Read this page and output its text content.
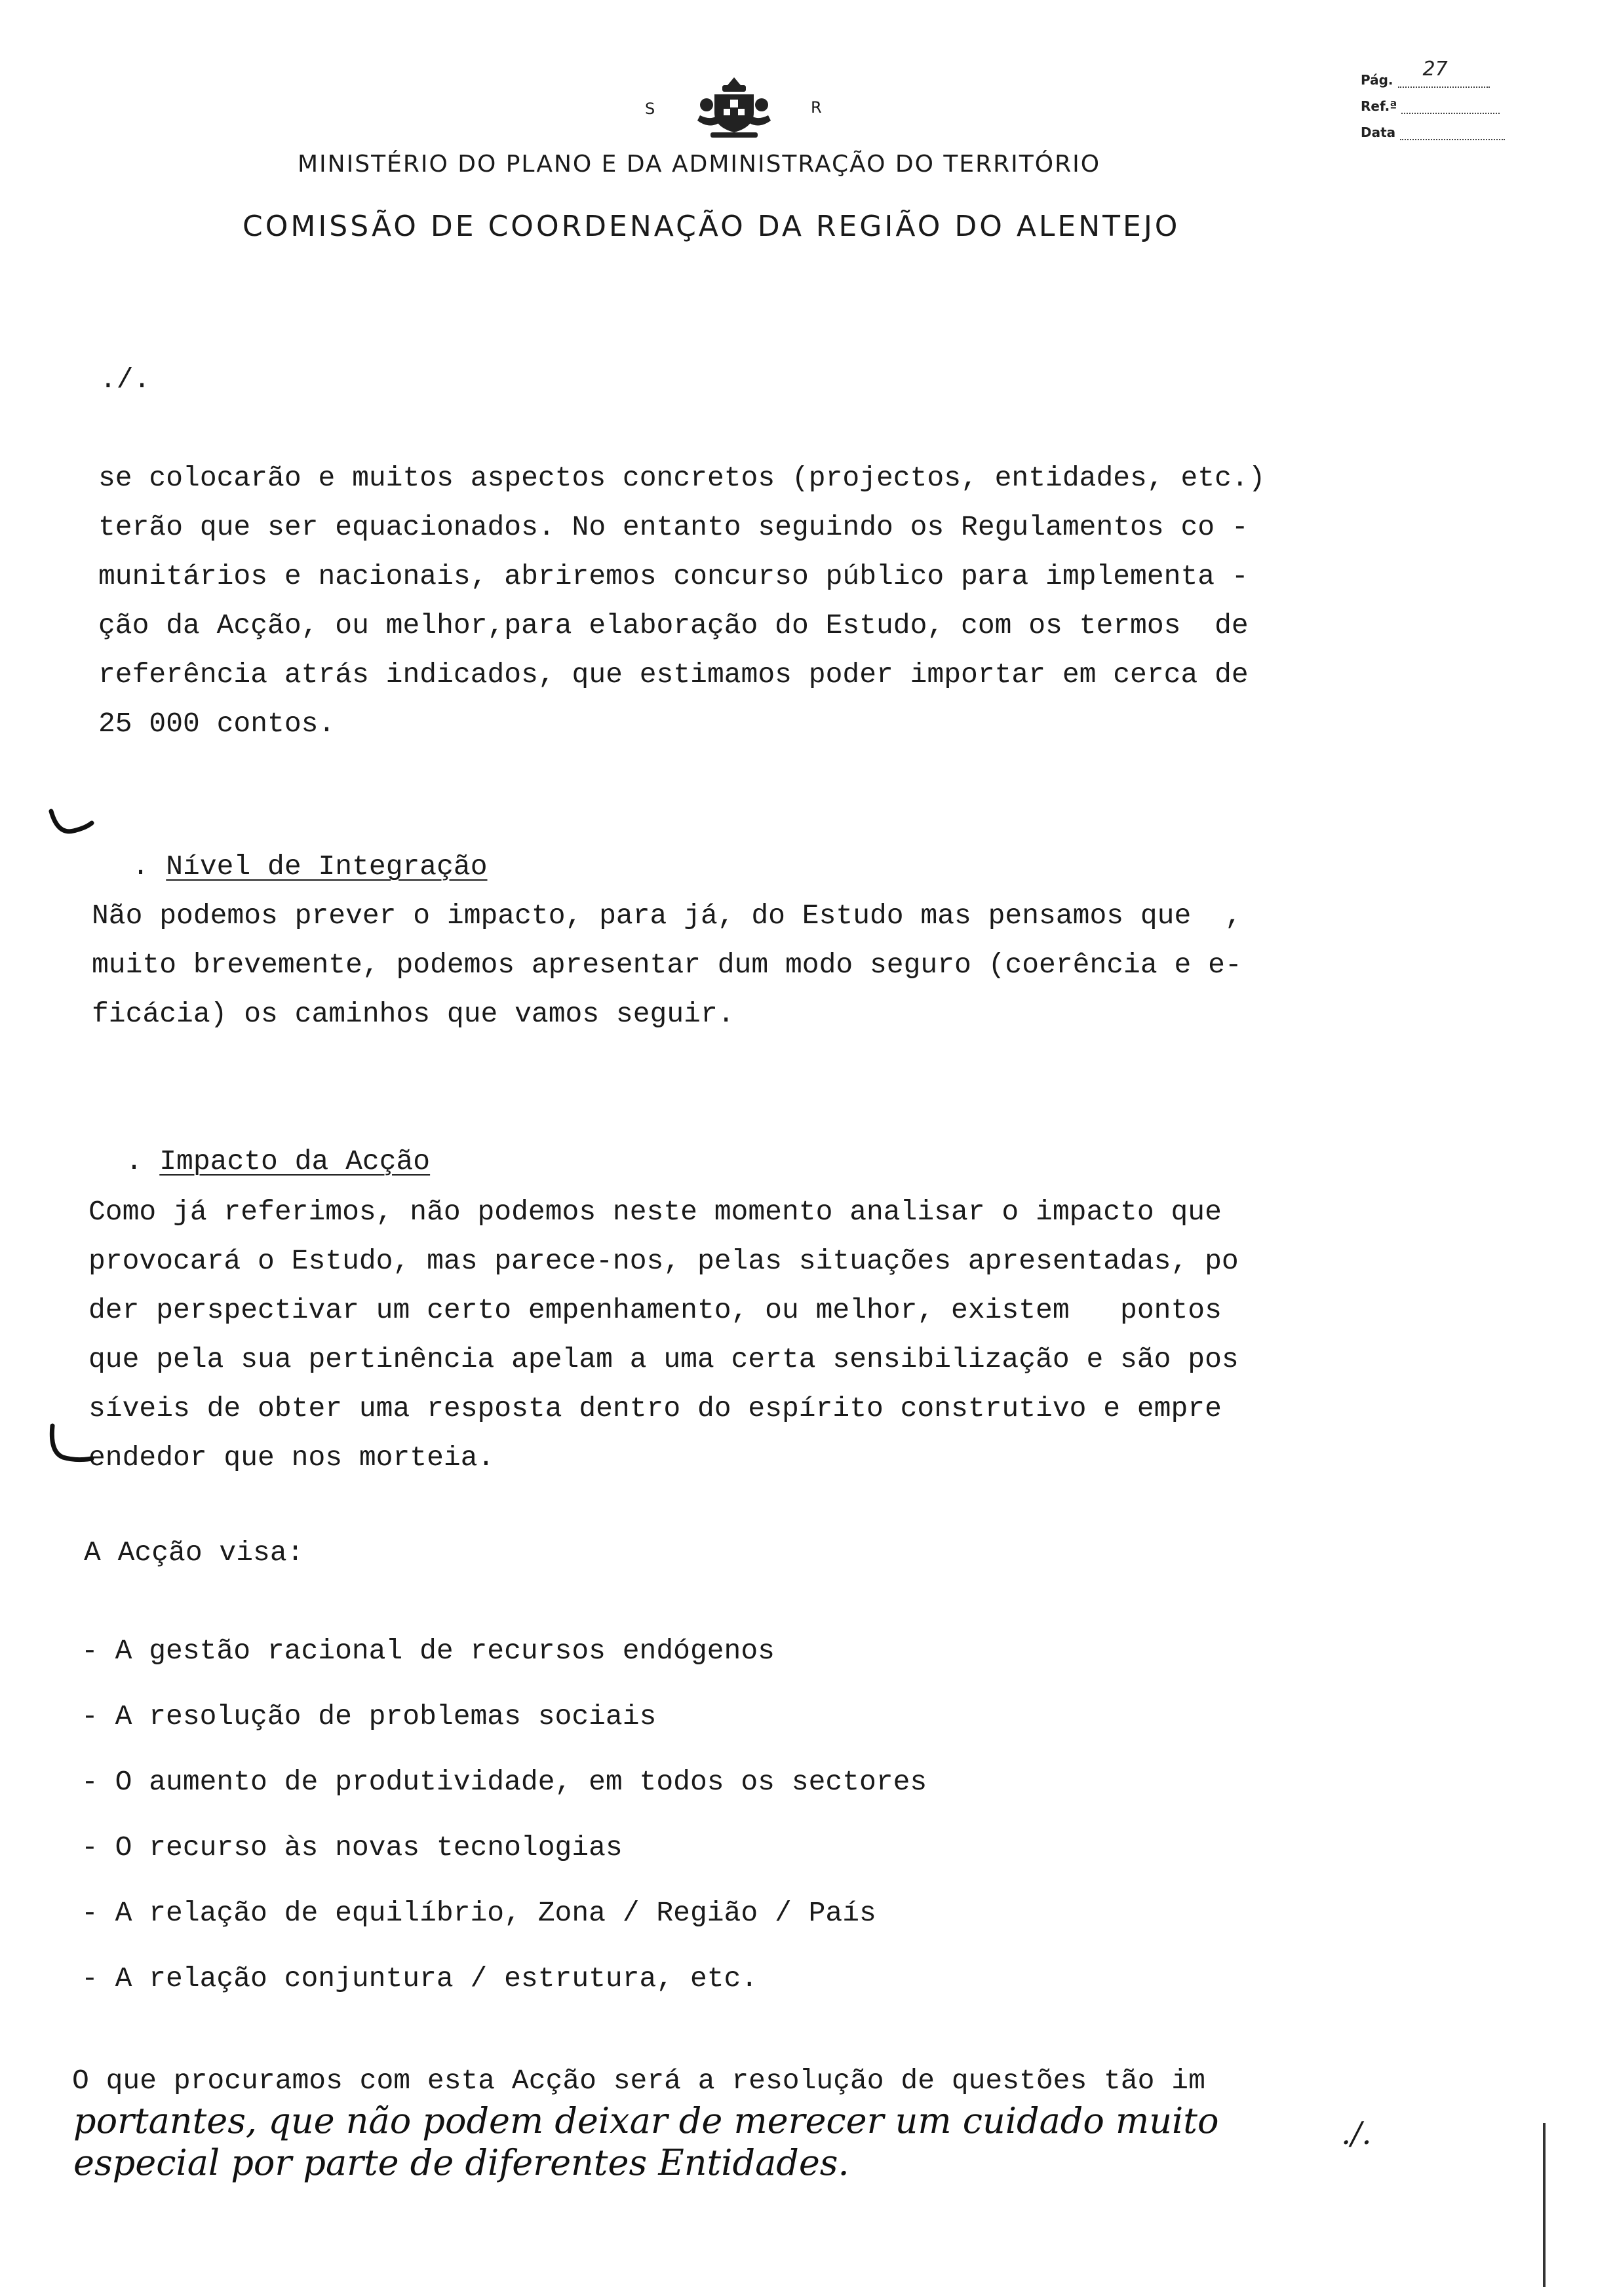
S	R
MINISTÉRIO DO PLANO E DA ADMINISTRAÇÃO DO TERRITÓRIO
COMISSÃO DE COORDENAÇÃO DA REGIÃO DO ALENTEJO
Pág. 27
Ref.ª
Data
./.
se colocarão e muitos aspectos concretos (projectos, entidades, etc.)
terão que ser equacionados. No entanto seguindo os Regulamentos co -
munitários e nacionais, abriremos concurso público para implementa -
ção da Acção, ou melhor,para elaboração do Estudo, com os termos  de
referência atrás indicados, que estimamos poder importar em cerca de
25 000 contos.

. Nível de Integração

Não podemos prever o impacto, para já, do Estudo mas pensamos que  ,
muito brevemente, podemos apresentar dum modo seguro (coerência e e-
ficácia) os caminhos que vamos seguir.

. Impacto da Acção

Como já referimos, não podemos neste momento analisar o impacto que
provocará o Estudo, mas parece-nos, pelas situações apresentadas, po
der perspectivar um certo empenhamento, ou melhor, existem   pontos
que pela sua pertinência apelam a uma certa sensibilização e são pos
síveis de obter uma resposta dentro do espírito construtivo e empre
endedor que nos morteia.
A Acção visa:
- A gestão racional de recursos endógenos
- A resolução de problemas sociais
- O aumento de produtividade, em todos os sectores
- O recurso às novas tecnologias
- A relação de equilíbrio, Zona / Região / País
- A relação conjuntura / estrutura, etc.
O que procuramos com esta Acção será a resolução de questões tão im
portantes, que não podem deixar de merecer um cuidado muito
especial por parte de diferentes Entidades.
./.
